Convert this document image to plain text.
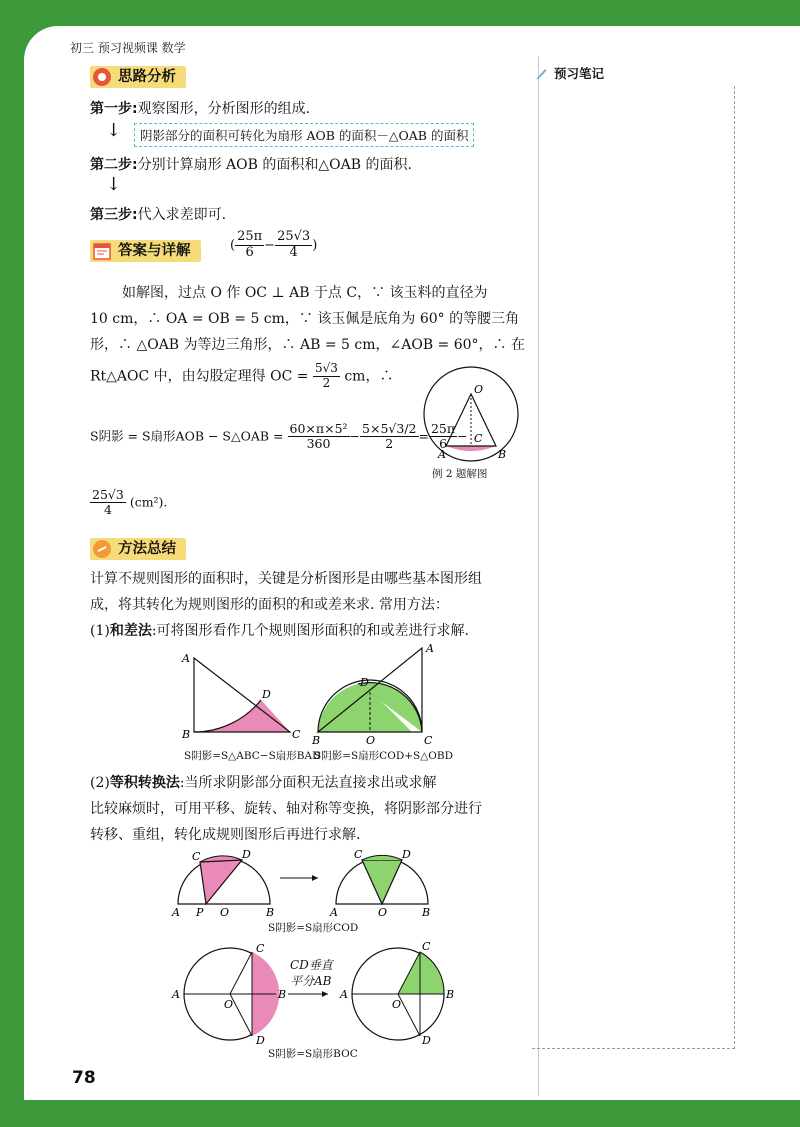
初三 预习视频课 数学
预习笔记
思路分析
第一步:观察图形，分析图形的组成.
↓	阴影部分的面积可转化为扇形 AOB 的面积－△OAB 的面积
第二步:分别计算扇形 AOB 的面积和△OAB 的面积.
↓
第三步:代入求差即可.
答案与详解	( $\frac{25\pi}{6} - \frac{25√3}{4}$ )
如解图，过点 O 作 OC ⊥ AB 于点 C，∵ 该玉料的直径为
10 cm，∴ OA = OB = 5 cm，∵ 该玉佩是底角为 60° 的等腰三角
形，∴ △OAB 为等边三角形，∴ AB = 5 cm，∠AOB = 60°，∴ 在
Rt△AOC 中，由勾股定理得 OC = $\frac{5√3}{2}$ cm，∴
S阴影 = S扇形AOB − S△OAB = $\frac{\text{60×π×5²}}{360} - \frac{5\times 5√3/2}{2} = \frac{25\pi}{6}$ −
$\frac{25√3}{4} (cm^2)$.
O
A	B
C
例 2 题解图
方法总结
计算不规则图形的面积时，关键是分析图形是由哪些基本图形组
成，将其转化为规则图形的面积的和或差来求. 常用方法：
(1)和差法:可将图形看作几个规则图形面积的和或差进行求解.
A
B	C
D
S阴影=S△ABC−S扇形BAD
A
B	C
D
O
S阴影=S扇形COD+S△OBD
(2)等积转换法:当所求阴影部分面积无法直接求出或求解
比较麻烦时，可用平移、旋转、轴对称等变换，将阴影部分进行
转移、重组，转化成规则图形后再进行求解.
C	D
A P O	B
C	D
A	O	B
S阴影=S扇形COD
A
C
B
D
O
A
C
B
D
O
CD垂直
平分AB
S阴影=S扇形BOC
78
